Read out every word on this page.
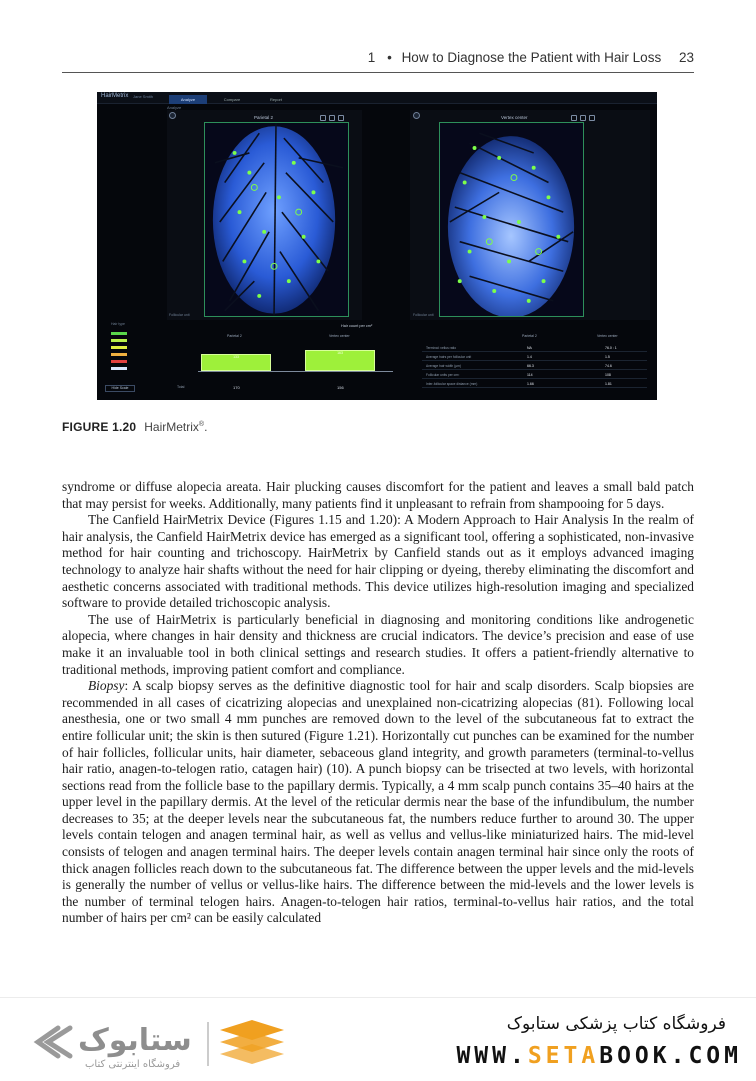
1 • How to Diagnose the Patient with Hair Loss 23
HairMetrix Jane Smith
Analyze	Compare	Report
Analyze
Parietal 2
Follicular unit
Vertex center
Follicular unit
Hair type
Hide Scale
Hair count per cm²
Parietal 2	Vertex center
133
163
Total	170	156
Parietal 2	Vertex center
Terminal: vellus ratio	NA	76.0 : 1
Average hairs per follicular unit	1.4	1.5
Average hair width (µm)	66.3	74.6
Follicular units per cm²	114	108
Inter-follicular space distance (mm)	1.66	1.81
FIGURE 1.20 HairMetrix®.

syndrome or diffuse alopecia areata. Hair plucking causes discomfort for the patient and leaves a small bald patch that may persist for weeks. Additionally, many patients find it unpleasant to refrain from shampooing for 5 days.

The Canfield HairMetrix Device (Figures 1.15 and 1.20): A Modern Approach to Hair Analysis In the realm of hair analysis, the Canfield HairMetrix device has emerged as a significant tool, offering a sophisticated, non-invasive method for hair counting and trichoscopy. HairMetrix by Canfield stands out as it employs advanced imaging technology to analyze hair shafts without the need for hair clipping or dyeing, thereby eliminating the discomfort and aesthetic concerns associated with traditional methods. This device utilizes high-resolution imaging and specialized software to provide detailed trichoscopic analysis.

The use of HairMetrix is particularly beneficial in diagnosing and monitoring conditions like androgenetic alopecia, where changes in hair density and thickness are crucial indicators. The device’s precision and ease of use make it an invaluable tool in both clinical settings and research studies. It offers a patient-friendly alternative to traditional methods, improving patient comfort and compliance.

Biopsy: A scalp biopsy serves as the definitive diagnostic tool for hair and scalp disorders. Scalp biopsies are recommended in all cases of cicatrizing alopecias and unexplained non-cicatrizing alopecias (81). Following local anesthesia, one or two small 4 mm punches are removed down to the level of the subcutaneous fat to extract the entire follicular unit; the skin is then sutured (Figure 1.21). Horizontally cut punches can be examined for the number of hair follicles, follicular units, hair diameter, sebaceous gland integrity, and growth parameters (terminal-to-vellus hair ratio, anagen-to-telogen ratio, catagen hair) (10). A punch biopsy can be trisected at two levels, with horizontal sections read from the follicle base to the papillary dermis. Typically, a 4 mm scalp punch contains 35–40 hairs at the upper level in the papillary dermis. At the level of the reticular dermis near the base of the infundibulum, the number decreases to 35; at the deeper levels near the subcutaneous fat, the numbers reduce further to around 30. The upper levels contain telogen and anagen terminal hair, as well as vellus and vellus-like miniaturized hairs. The mid-level consists of telogen and anagen terminal hairs. The deeper levels contain anagen terminal hair since only the roots of thick anagen follicles reach down to the subcutaneous fat. The difference between the upper levels and the mid-levels is generally the number of vellus or vellus-like hairs. The difference between the mid-levels and the lower levels is the number of terminal telogen hairs. Anagen-to-telogen hair ratios, terminal-to-vellus hair ratios, and the total number of hairs per cm² can be easily calculated

ستابوک
فروشگاه اینترنتی کتاب
فروشگاه کتاب پزشکی ستابوک
WWW.SETABOOK.COM
